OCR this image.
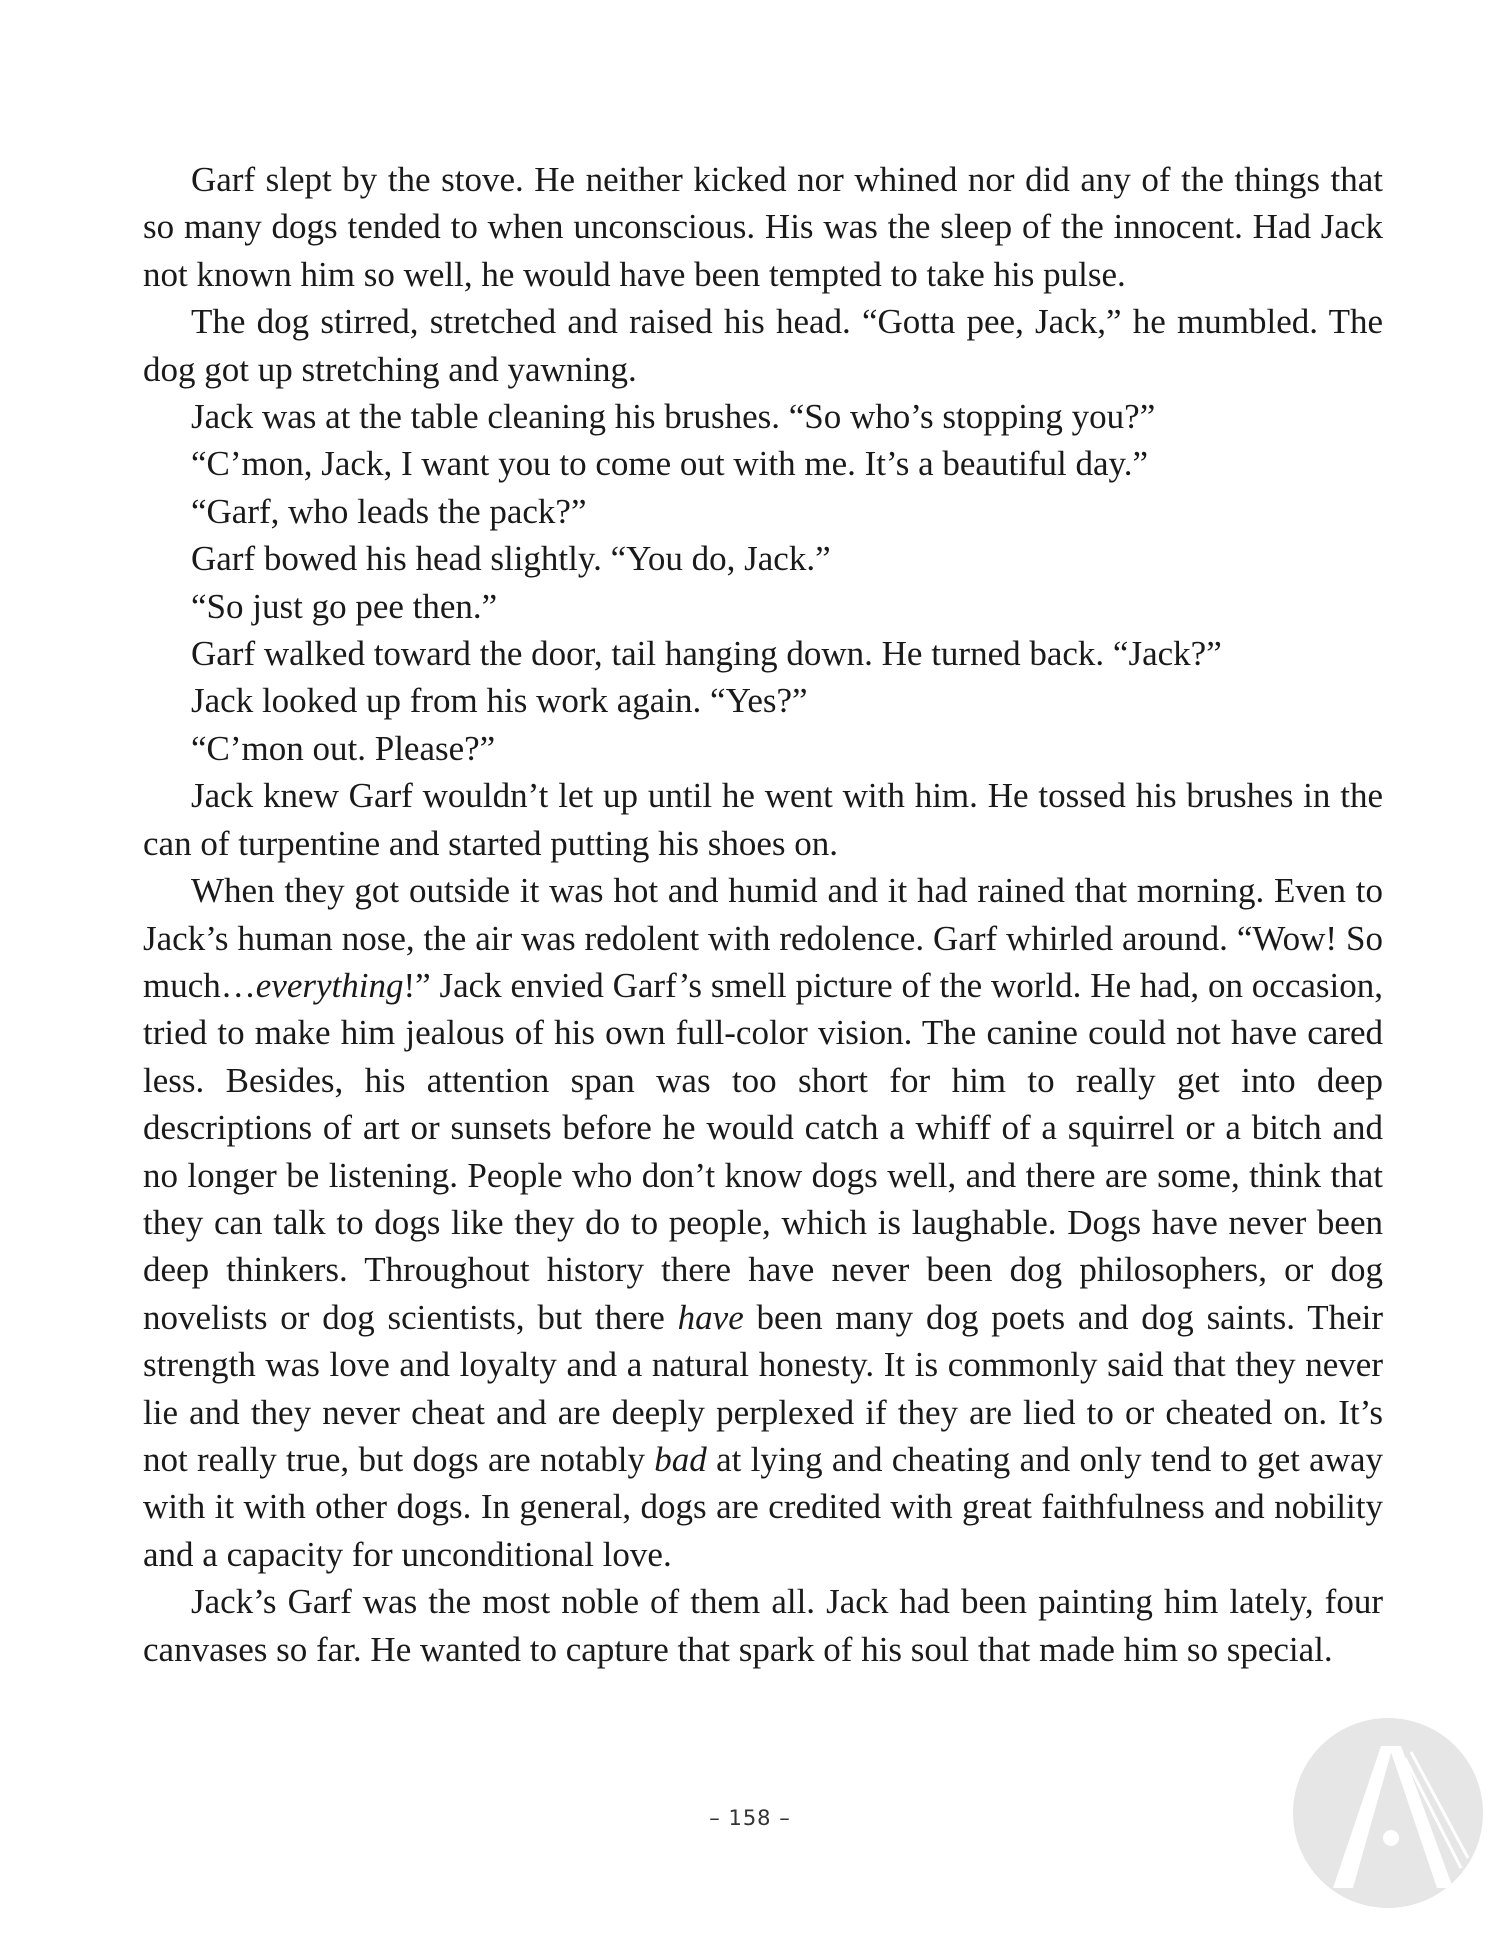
Garf slept by the stove. He neither kicked nor whined nor did any of the things that so many dogs tended to when unconscious. His was the sleep of the innocent. Had Jack not known him so well, he would have been tempted to take his pulse.

The dog stirred, stretched and raised his head. “Gotta pee, Jack,” he mumbled. The dog got up stretching and yawning.

Jack was at the table cleaning his brushes. “So who’s stopping you?”

“C’mon, Jack, I want you to come out with me. It’s a beautiful day.”

“Garf, who leads the pack?”

Garf bowed his head slightly. “You do, Jack.”

“So just go pee then.”

Garf walked toward the door, tail hanging down. He turned back. “Jack?”

Jack looked up from his work again. “Yes?”

“C’mon out. Please?”

Jack knew Garf wouldn’t let up until he went with him. He tossed his brushes in the can of turpentine and started putting his shoes on.

When they got outside it was hot and humid and it had rained that morning. Even to Jack’s human nose, the air was redolent with redolence. Garf whirled around. “Wow! So much…everything!” Jack envied Garf’s smell picture of the world. He had, on occasion, tried to make him jealous of his own full-color vision. The canine could not have cared less. Besides, his attention span was too short for him to really get into deep descriptions of art or sunsets before he would catch a whiff of a squirrel or a bitch and no longer be listening. People who don’t know dogs well, and there are some, think that they can talk to dogs like they do to people, which is laughable. Dogs have never been deep thinkers. Throughout history there have never been dog philosophers, or dog novelists or dog scientists, but there have been many dog poets and dog saints. Their strength was love and loyalty and a natural honesty. It is commonly said that they never lie and they never cheat and are deeply perplexed if they are lied to or cheated on. It’s not really true, but dogs are notably bad at lying and cheating and only tend to get away with it with other dogs. In general, dogs are credited with great faithfulness and nobility and a capacity for unconditional love.

Jack’s Garf was the most noble of them all. Jack had been painting him lately, four canvases so far. He wanted to capture that spark of his soul that made him so special.

– 158 –
